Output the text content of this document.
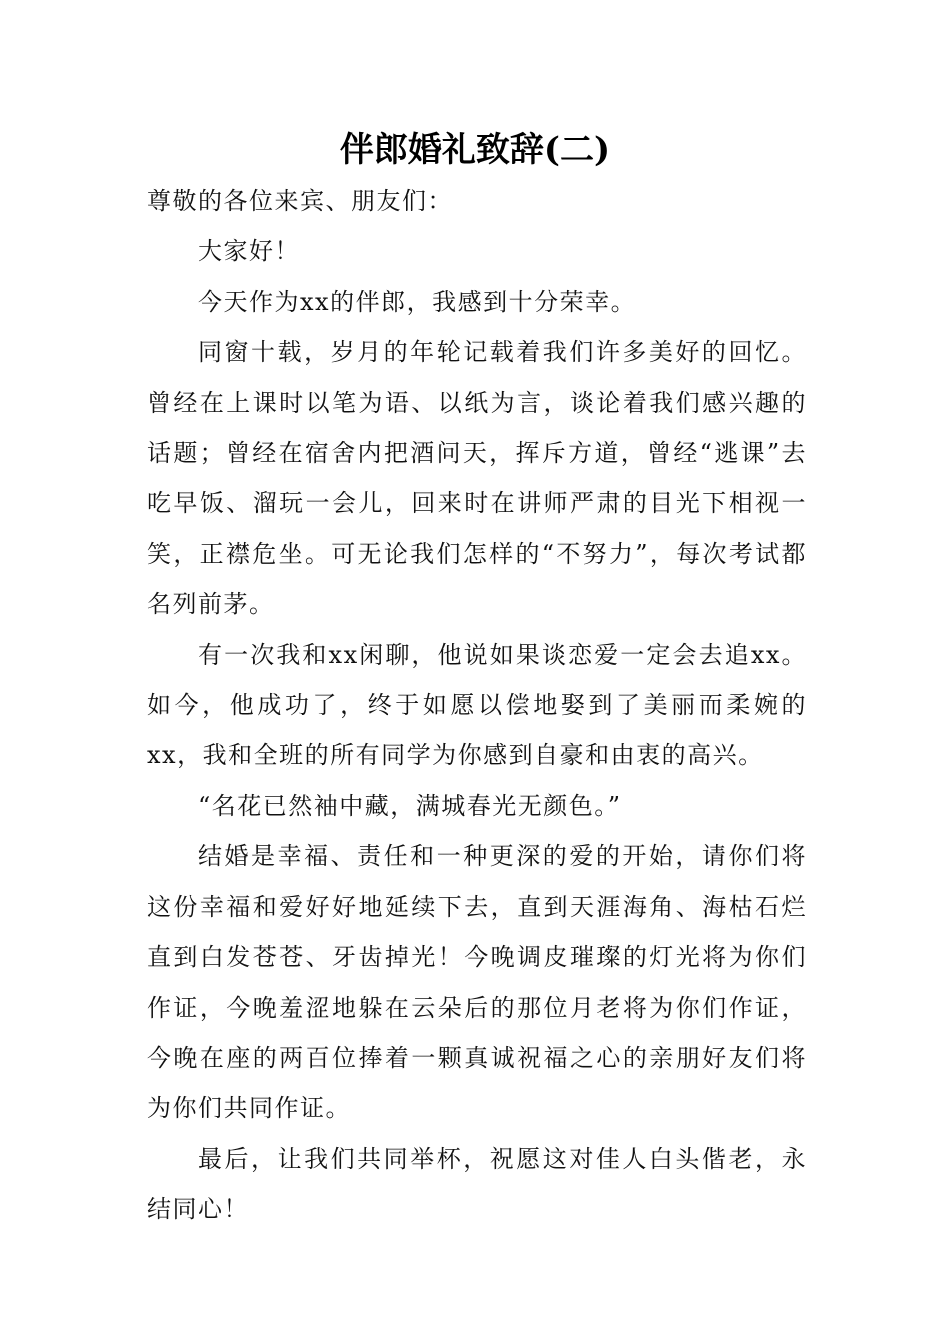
伴郎婚礼致辞(二)

尊敬的各位来宾、朋友们：

大家好！

今天作为xx的伴郎，我感到十分荣幸。

同窗十载，岁月的年轮记载着我们许多美好的回忆。曾经在上课时以笔为语、以纸为言，谈论着我们感兴趣的话题；曾经在宿舍内把酒问天，挥斥方道，曾经“逃课”去吃早饭、溜玩一会儿，回来时在讲师严肃的目光下相视一笑，正襟危坐。可无论我们怎样的“不努力”，每次考试都名列前茅。

有一次我和xx闲聊，他说如果谈恋爱一定会去追xx。如今，他成功了，终于如愿以偿地娶到了美丽而柔婉的xx，我和全班的所有同学为你感到自豪和由衷的高兴。

“名花已然袖中藏，满城春光无颜色。”

结婚是幸福、责任和一种更深的爱的开始，请你们将这份幸福和爱好好地延续下去，直到天涯海角、海枯石烂直到白发苍苍、牙齿掉光！今晚调皮璀璨的灯光将为你们作证，今晚羞涩地躲在云朵后的那位月老将为你们作证，今晚在座的两百位捧着一颗真诚祝福之心的亲朋好友们将为你们共同作证。

最后，让我们共同举杯，祝愿这对佳人白头偕老，永结同心！
